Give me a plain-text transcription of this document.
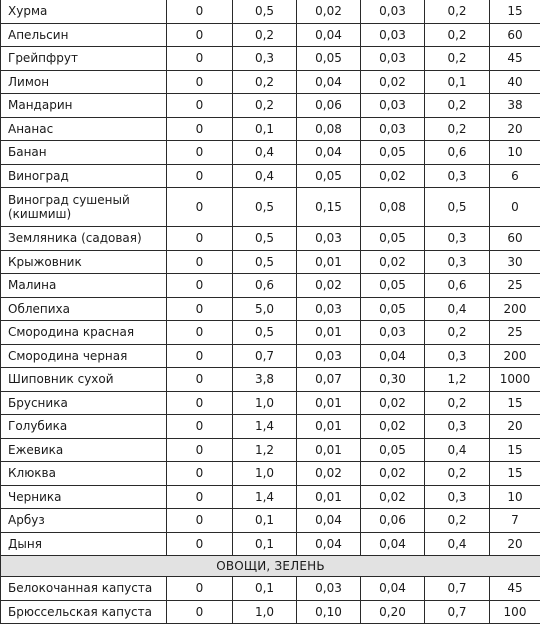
Хурма	0	0,5	0,02	0,03	0,2	15
Апельсин	0	0,2	0,04	0,03	0,2	60
Грейпфрут	0	0,3	0,05	0,03	0,2	45
Лимон	0	0,2	0,04	0,02	0,1	40
Мандарин	0	0,2	0,06	0,03	0,2	38
Ананас	0	0,1	0,08	0,03	0,2	20
Банан	0	0,4	0,04	0,05	0,6	10
Виноград	0	0,4	0,05	0,02	0,3	6
Виноград сушеный (кишмиш)	0	0,5	0,15	0,08	0,5	0
Земляника (садовая)	0	0,5	0,03	0,05	0,3	60
Крыжовник	0	0,5	0,01	0,02	0,3	30
Малина	0	0,6	0,02	0,05	0,6	25
Облепиха	0	5,0	0,03	0,05	0,4	200
Смородина красная	0	0,5	0,01	0,03	0,2	25
Смородина черная	0	0,7	0,03	0,04	0,3	200
Шиповник сухой	0	3,8	0,07	0,30	1,2	1000
Брусника	0	1,0	0,01	0,02	0,2	15
Голубика	0	1,4	0,01	0,02	0,3	20
Ежевика	0	1,2	0,01	0,05	0,4	15
Клюква	0	1,0	0,02	0,02	0,2	15
Черника	0	1,4	0,01	0,02	0,3	10
Арбуз	0	0,1	0,04	0,06	0,2	7
Дыня	0	0,1	0,04	0,04	0,4	20
ОВОЩИ, ЗЕЛЕНЬ						
Белокочанная капуста	0	0,1	0,03	0,04	0,7	45
Брюссельская капуста	0	1,0	0,10	0,20	0,7	100
